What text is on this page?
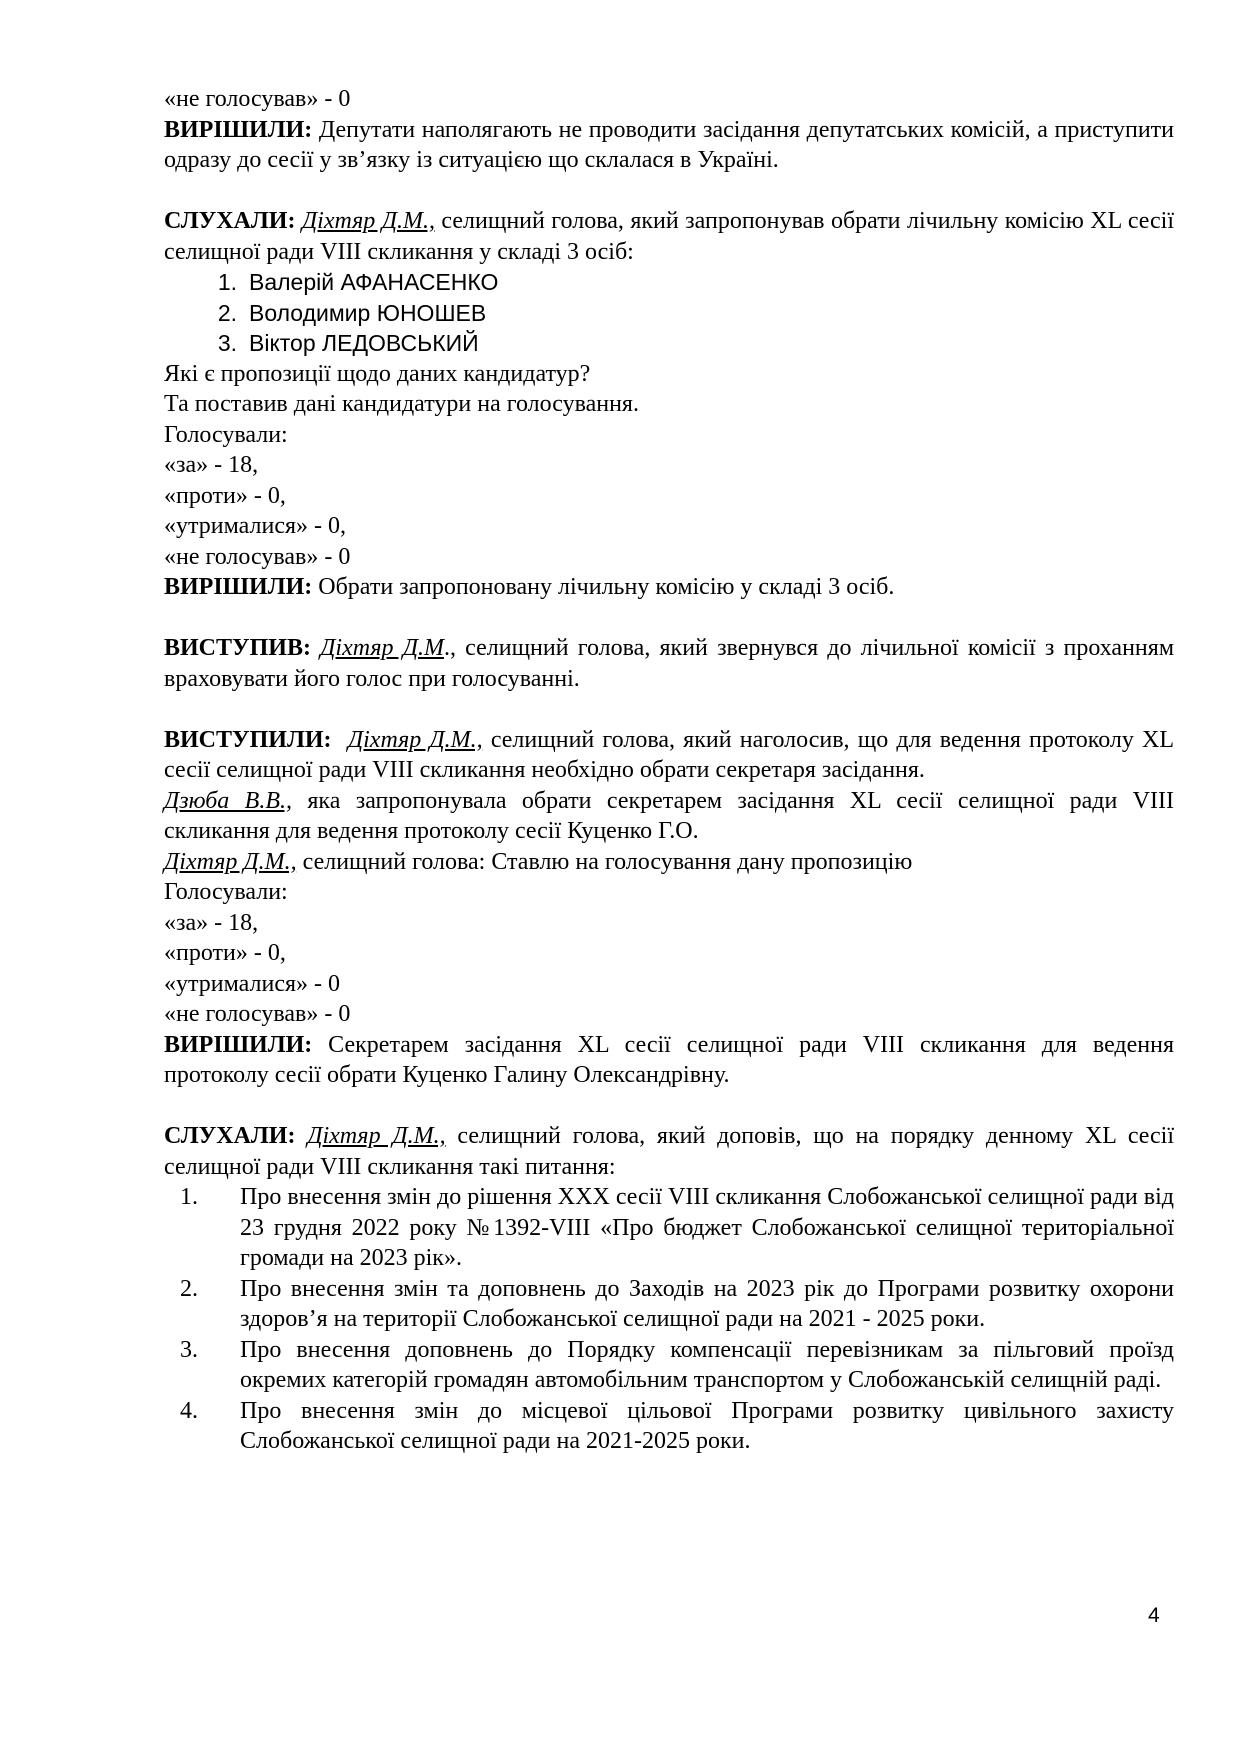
«не голосував» - 0

ВИРІШИЛИ: Депутати наполягають не проводити засідання депутатських комісій, а приступити одразу до сесії у зв’язку із ситуацією що склалася в Україні.

СЛУХАЛИ: Діхтяр Д.М., селищний голова, який запропонував обрати лічильну комісію XL сесії селищної ради VIII скликання у складі 3 осіб:

1. Валерій АФАНАСЕНКО
2. Володимир ЮНОШЕВ
3. Віктор ЛЕДОВСЬКИЙ

Які є пропозиції щодо даних кандидатур?

Та поставив дані кандидатури на голосування.

Голосували:

«за» - 18,

«проти» - 0,

«утрималися» - 0,

«не голосував» - 0

ВИРІШИЛИ: Обрати запропоновану лічильну комісію у складі 3 осіб.

ВИСТУПИВ: Діхтяр Д.М., селищний голова, який звернувся до лічильної комісії з проханням враховувати його голос при голосуванні.

ВИСТУПИЛИ: Діхтяр Д.М., селищний голова, який наголосив, що для ведення протоколу XL сесії селищної ради VIII скликання необхідно обрати секретаря засідання.

Дзюба В.В., яка запропонувала обрати секретарем засідання XL сесії селищної ради VIII скликання для ведення протоколу сесії Куценко Г.О.

Діхтяр Д.М., селищний голова: Ставлю на голосування дану пропозицію

Голосували:

«за» - 18,

«проти» - 0,

«утрималися» - 0

«не голосував» - 0

ВИРІШИЛИ: Секретарем засідання XL сесії селищної ради VIII скликання для ведення протоколу сесії обрати Куценко Галину Олександрівну.

СЛУХАЛИ: Діхтяр Д.М., селищний голова, який доповів, що на порядку денному XL сесії селищної ради VIII скликання такі питання:

1. Про внесення змін до рішення XXX сесії VIII скликання Слобожанської селищної ради від 23 грудня 2022 року №1392-VIII «Про бюджет Слобожанської селищної територіальної громади на 2023 рік».
2. Про внесення змін та доповнень до Заходів на 2023 рік до Програми розвитку охорони здоров’я на території Слобожанської селищної ради на 2021 - 2025 роки.
3. Про внесення доповнень до Порядку компенсації перевізникам за пільговий проїзд окремих категорій громадян автомобільним транспортом у Слобожанській селищній раді.
4. Про внесення змін до місцевої цільової Програми розвитку цивільного захисту Слобожанської селищної ради на 2021-2025 роки.
4
